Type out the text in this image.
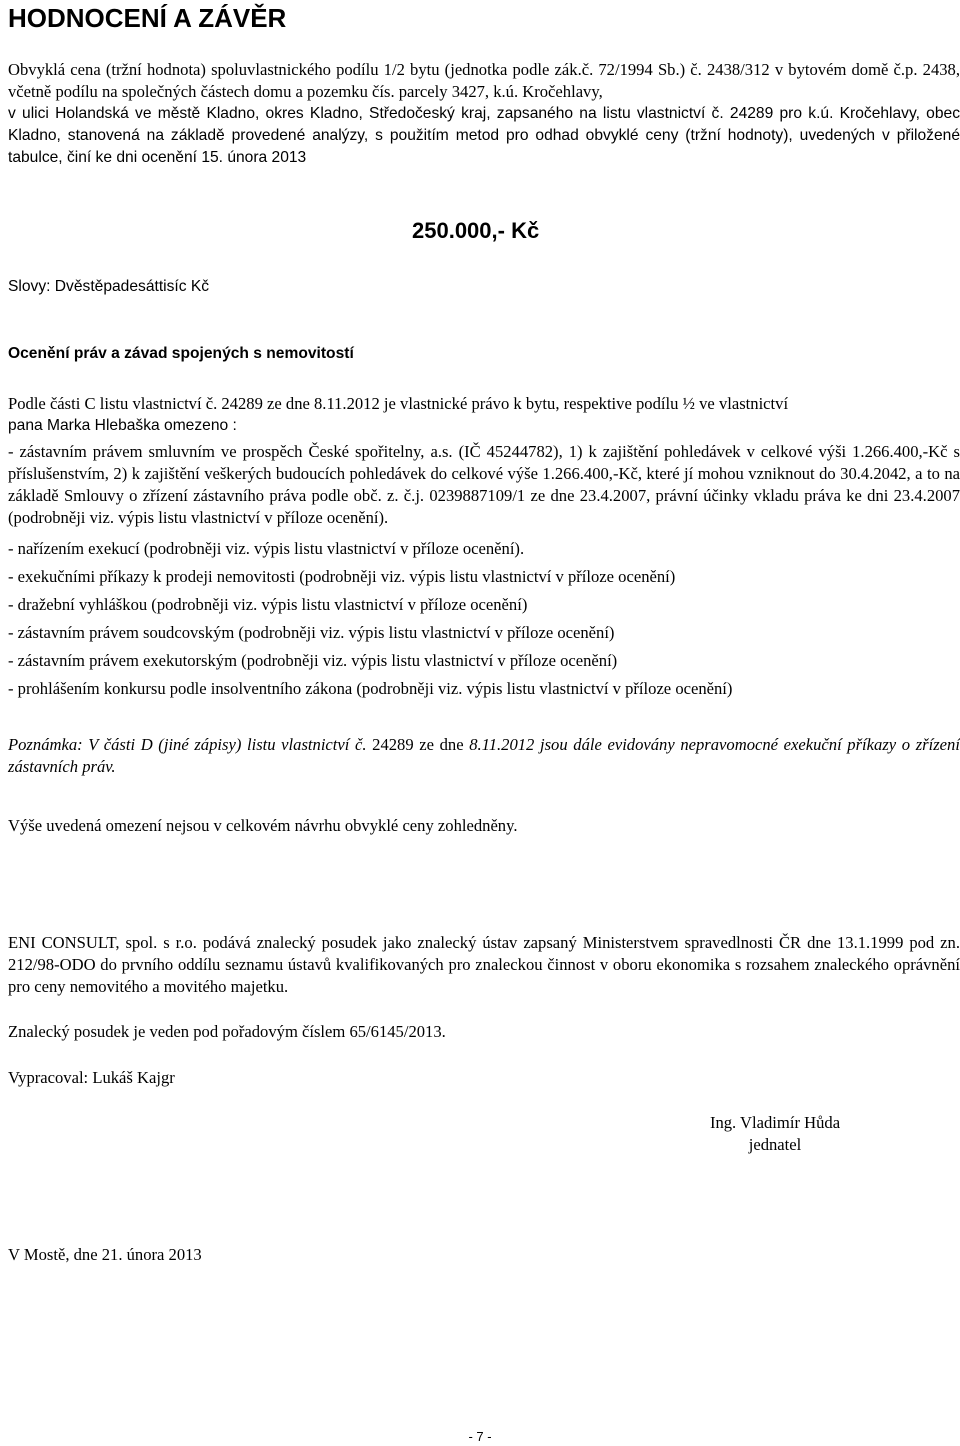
HODNOCENÍ A ZÁVĚR
Obvyklá cena (tržní hodnota) spoluvlastnického podílu 1/2 bytu (jednotka podle zák.č. 72/1994 Sb.) č. 2438/312 v bytovém domě č.p. 2438, včetně podílu na společných částech domu a pozemku čís. parcely 3427, k.ú. Kročehlavy,
v ulici Holandská ve městě Kladno, okres Kladno, Středočeský kraj, zapsaného na listu vlastnictví č. 24289 pro k.ú. Kročehlavy, obec Kladno, stanovená na základě provedené analýzy, s použitím metod pro odhad obvyklé ceny (tržní hodnoty), uvedených v přiložené tabulce, činí ke dni ocenění 15. února 2013
250.000,- Kč
Slovy: Dvěstěpadesáttisíc Kč
Ocenění práv a závad spojených s nemovitostí
Podle části C listu vlastnictví č. 24289 ze dne 8.11.2012 je vlastnické právo k bytu, respektive podílu ½ ve vlastnictví
pana Marka Hlebaška omezeno :
- zástavním právem smluvním ve prospěch České spořitelny, a.s. (IČ 45244782), 1) k zajištění pohledávek v celkové výši 1.266.400,-Kč s příslušenstvím, 2) k zajištění veškerých budoucích pohledávek do celkové výše 1.266.400,-Kč, které jí mohou vzniknout do 30.4.2042, a to na základě Smlouvy o zřízení zástavního práva podle obč. z. č.j. 0239887109/1 ze dne 23.4.2007, právní účinky vkladu práva ke dni 23.4.2007 (podrobněji viz. výpis listu vlastnictví v příloze ocenění).
- nařízením exekucí (podrobněji viz. výpis listu vlastnictví v příloze ocenění).
- exekučními příkazy k prodeji nemovitosti (podrobněji viz. výpis listu vlastnictví v příloze ocenění)
- dražební vyhláškou (podrobněji viz. výpis listu vlastnictví v příloze ocenění)
- zástavním právem soudcovským (podrobněji viz. výpis listu vlastnictví v příloze ocenění)
- zástavním právem exekutorským (podrobněji viz. výpis listu vlastnictví v příloze ocenění)
- prohlášením konkursu podle insolventního zákona (podrobněji viz. výpis listu vlastnictví v příloze ocenění)
Poznámka: V části D (jiné zápisy) listu vlastnictví č. 24289 ze dne 8.11.2012 jsou dále evidovány nepravomocné exekuční příkazy o zřízení zástavních práv.
Výše uvedená omezení nejsou v celkovém návrhu obvyklé ceny zohledněny.
ENI CONSULT, spol. s r.o. podává znalecký posudek jako znalecký ústav zapsaný Ministerstvem spravedlnosti ČR dne 13.1.1999 pod zn. 212/98-ODO do prvního oddílu seznamu ústavů kvalifikovaných pro znaleckou činnost v oboru ekonomika s rozsahem znaleckého oprávnění pro ceny nemovitého a movitého majetku.
Znalecký posudek je veden pod pořadovým číslem 65/6145/2013.
Vypracoval: Lukáš Kajgr
Ing. Vladimír Hůda
jednatel
V Mostě, dne 21. února 2013
- 7 -
